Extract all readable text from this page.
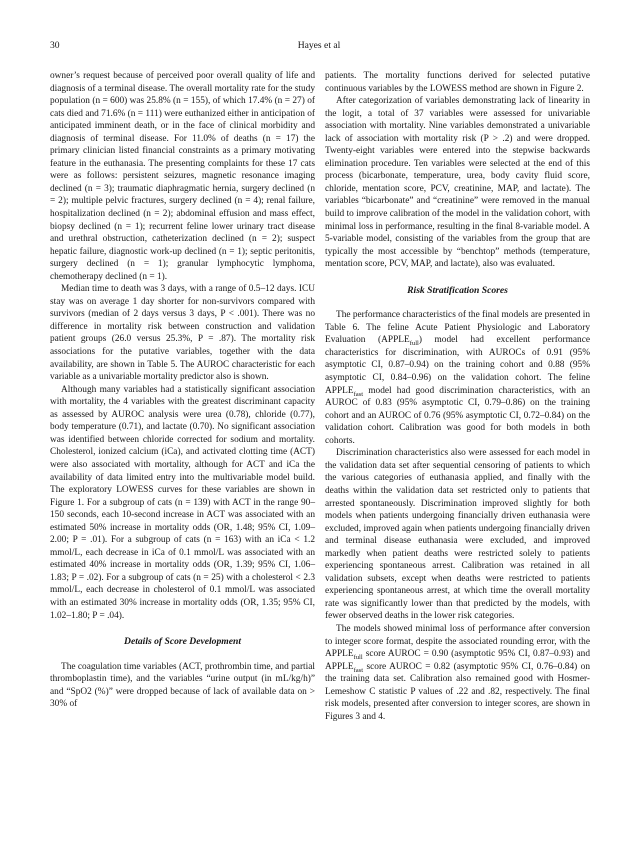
30	Hayes et al

owner’s request because of perceived poor overall quality of life and diagnosis of a terminal disease. The overall mortality rate for the study population (n = 600) was 25.8% (n = 155), of which 17.4% (n = 27) of cats died and 71.6% (n = 111) were euthanized either in anticipation of anticipated imminent death, or in the face of clinical morbidity and diagnosis of terminal disease. For 11.0% of deaths (n = 17) the primary clinician listed financial constraints as a primary motivating feature in the euthanasia. The presenting complaints for these 17 cats were as follows: persistent seizures, magnetic resonance imaging declined (n = 3); traumatic diaphragmatic hernia, surgery declined (n = 2); multiple pelvic fractures, surgery declined (n = 4); renal failure, hospitalization declined (n = 2); abdominal effusion and mass effect, biopsy declined (n = 1); recurrent feline lower urinary tract disease and urethral obstruction, catheterization declined (n = 2); suspect hepatic failure, diagnostic work-up declined (n = 1); septic peritonitis, surgery declined (n = 1); granular lymphocytic lymphoma, chemotherapy declined (n = 1).

Median time to death was 3 days, with a range of 0.5–12 days. ICU stay was on average 1 day shorter for non-survivors compared with survivors (median of 2 days versus 3 days, P < .001). There was no difference in mortality risk between construction and validation patient groups (26.0 versus 25.3%, P = .87). The mortality risk associations for the putative variables, together with the data availability, are shown in Table 5. The AUROC characteristic for each variable as a univariable mortality predictor also is shown.

Although many variables had a statistically significant association with mortality, the 4 variables with the greatest discriminant capacity as assessed by AUROC analysis were urea (0.78), chloride (0.77), body temperature (0.71), and lactate (0.70). No significant association was identified between chloride corrected for sodium and mortality. Cholesterol, ionized calcium (iCa), and activated clotting time (ACT) were also associated with mortality, although for ACT and iCa the availability of data limited entry into the multivariable model build. The exploratory LOWESS curves for these variables are shown in Figure 1. For a subgroup of cats (n = 139) with ACT in the range 90–150 seconds, each 10-second increase in ACT was associated with an estimated 50% increase in mortality odds (OR, 1.48; 95% CI, 1.09–2.00; P = .01). For a subgroup of cats (n = 163) with an iCa < 1.2 mmol/L, each decrease in iCa of 0.1 mmol/L was associated with an estimated 40% increase in mortality odds (OR, 1.39; 95% CI, 1.06–1.83; P = .02). For a subgroup of cats (n = 25) with a cholesterol < 2.3 mmol/L, each decrease in cholesterol of 0.1 mmol/L was associated with an estimated 30% increase in mortality odds (OR, 1.35; 95% CI, 1.02–1.80; P = .04).

Details of Score Development

The coagulation time variables (ACT, prothrombin time, and partial thromboplastin time), and the variables “urine output (in mL/kg/h)” and “SpO2 (%)” were dropped because of lack of available data on > 30% of

patients. The mortality functions derived for selected putative continuous variables by the LOWESS method are shown in Figure 2.

After categorization of variables demonstrating lack of linearity in the logit, a total of 37 variables were assessed for univariable association with mortality. Nine variables demonstrated a univariable lack of association with mortality risk (P > .2) and were dropped. Twenty-eight variables were entered into the stepwise backwards elimination procedure. Ten variables were selected at the end of this process (bicarbonate, temperature, urea, body cavity fluid score, chloride, mentation score, PCV, creatinine, MAP, and lactate). The variables “bicarbonate” and “creatinine” were removed in the manual build to improve calibration of the model in the validation cohort, with minimal loss in performance, resulting in the final 8-variable model. A 5-variable model, consisting of the variables from the group that are typically the most accessible by “benchtop” methods (temperature, mentation score, PCV, MAP, and lactate), also was evaluated.

Risk Stratification Scores

The performance characteristics of the final models are presented in Table 6. The feline Acute Patient Physiologic and Laboratory Evaluation $(APPLE_{full})$ model had excellent performance characteristics for discrimination, with AUROCs of 0.91 (95% asymptotic CI, 0.87–0.94) on the training cohort and 0.88 (95% asymptotic CI, 0.84–0.96) on the validation cohort. The feline $APPLE_{fast}$ model had good discrimination characteristics, with an AUROC of 0.83 (95% asymptotic CI, 0.79–0.86) on the training cohort and an AUROC of 0.76 (95% asymptotic CI, 0.72–0.84) on the validation cohort. Calibration was good for both models in both cohorts.

Discrimination characteristics also were assessed for each model in the validation data set after sequential censoring of patients to which the various categories of euthanasia applied, and finally with the deaths within the validation data set restricted only to patients that arrested spontaneously. Discrimination improved slightly for both models when patients undergoing financially driven euthanasia were excluded, improved again when patients undergoing financially driven and terminal disease euthanasia were excluded, and improved markedly when patient deaths were restricted solely to patients experiencing spontaneous arrest. Calibration was retained in all validation subsets, except when deaths were restricted to patients experiencing spontaneous arrest, at which time the overall mortality rate was significantly lower than that predicted by the models, with fewer observed deaths in the lower risk categories.

The models showed minimal loss of performance after conversion to integer score format, despite the associated rounding error, with the $APPLE_{full}$ score AUROC = 0.90 (asymptotic 95% CI, 0.87–0.93) and $APPLE_{fast}$ score AUROC = 0.82 (asymptotic 95% CI, 0.76–0.84) on the training data set. Calibration also remained good with Hosmer-Lemeshow C statistic P values of .22 and .82, respectively. The final risk models, presented after conversion to integer scores, are shown in Figures 3 and 4.
